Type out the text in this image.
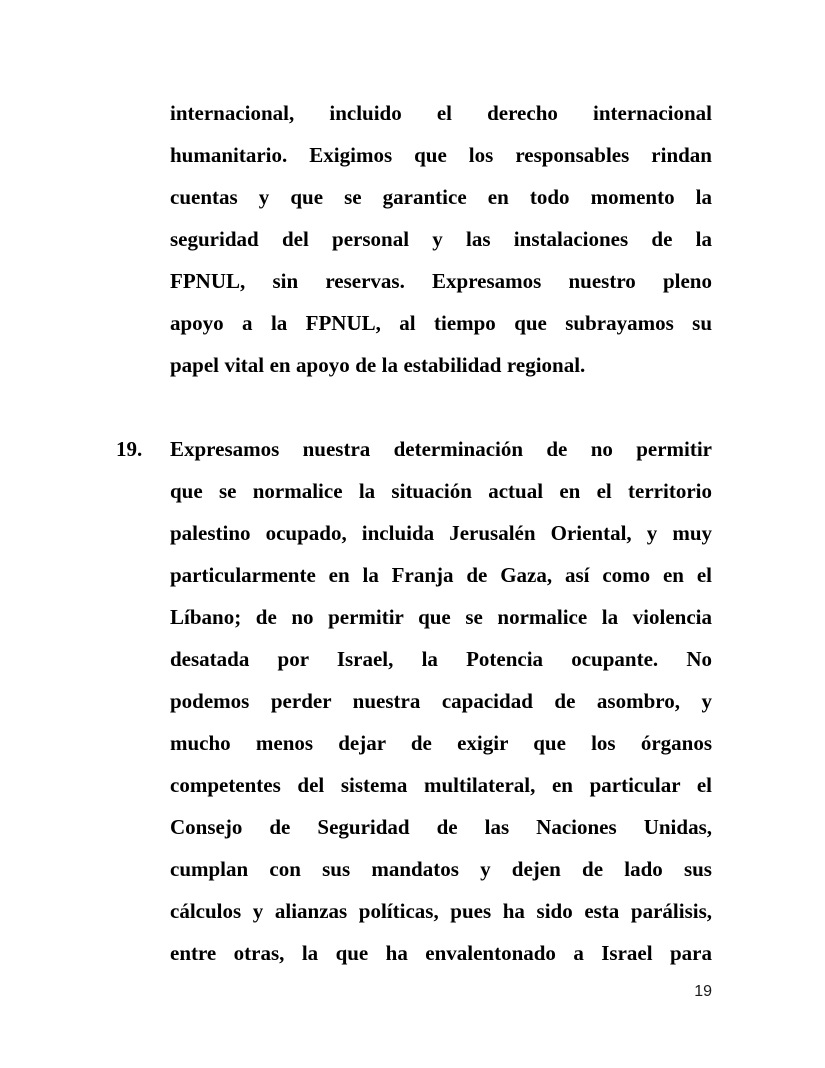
internacional, incluido el derecho internacional
humanitario. Exigimos que los responsables rindan
cuentas y que se garantice en todo momento la
seguridad del personal y las instalaciones de la
FPNUL, sin reservas. Expresamos nuestro pleno
apoyo a la FPNUL, al tiempo que subrayamos su
papel vital en apoyo de la estabilidad regional.
19.	Expresamos nuestra determinación de no permitir
que se normalice la situación actual en el territorio
palestino ocupado, incluida Jerusalén Oriental, y muy
particularmente en la Franja de Gaza, así como en el
Líbano; de no permitir que se normalice la violencia
desatada por Israel, la Potencia ocupante. No
podemos perder nuestra capacidad de asombro, y
mucho menos dejar de exigir que los órganos
competentes del sistema multilateral, en particular el
Consejo de Seguridad de las Naciones Unidas,
cumplan con sus mandatos y dejen de lado sus
cálculos y alianzas políticas, pues ha sido esta parálisis,
entre otras, la que ha envalentonado a Israel para
19
